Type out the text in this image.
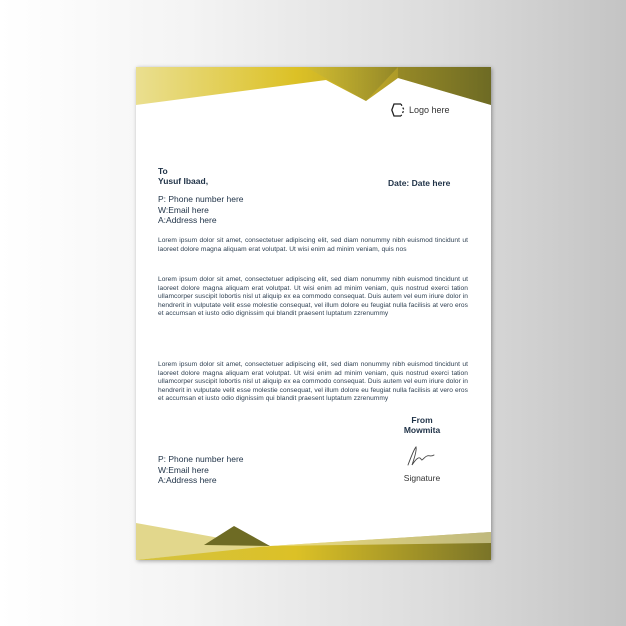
Logo here
To
Yusuf Ibaad,	Date: Date here
P: Phone number here
W:Email here
A:Address here

Lorem ipsum dolor sit amet, consectetuer adipiscing elit, sed diam nonummy nibh euismod tincidunt ut laoreet dolore magna aliquam erat volutpat. Ut wisi enim ad minim veniam, quis nos

Lorem ipsum dolor sit amet, consectetuer adipiscing elit, sed diam nonummy nibh euismod tincidunt ut laoreet dolore magna aliquam erat volutpat. Ut wisi enim ad minim veniam, quis nostrud exerci tation ullamcorper suscipit lobortis nisl ut aliquip ex ea commodo consequat. Duis autem vel eum iriure dolor in hendrerit in vulputate velit esse molestie consequat, vel illum dolore eu feugiat nulla facilisis at vero eros et accumsan et iusto odio dignissim qui blandit praesent luptatum zzrenummy

Lorem ipsum dolor sit amet, consectetuer adipiscing elit, sed diam nonummy nibh euismod tincidunt ut laoreet dolore magna aliquam erat volutpat. Ut wisi enim ad minim veniam, quis nostrud exerci tation ullamcorper suscipit lobortis nisl ut aliquip ex ea commodo consequat. Duis autem vel eum iriure dolor in hendrerit in vulputate velit esse molestie consequat, vel illum dolore eu feugiat nulla facilisis at vero eros et accumsan et iusto odio dignissim qui blandit praesent luptatum zzrenummy

From
Mowmita
Signature
P: Phone number here
W:Email here
A:Address here
